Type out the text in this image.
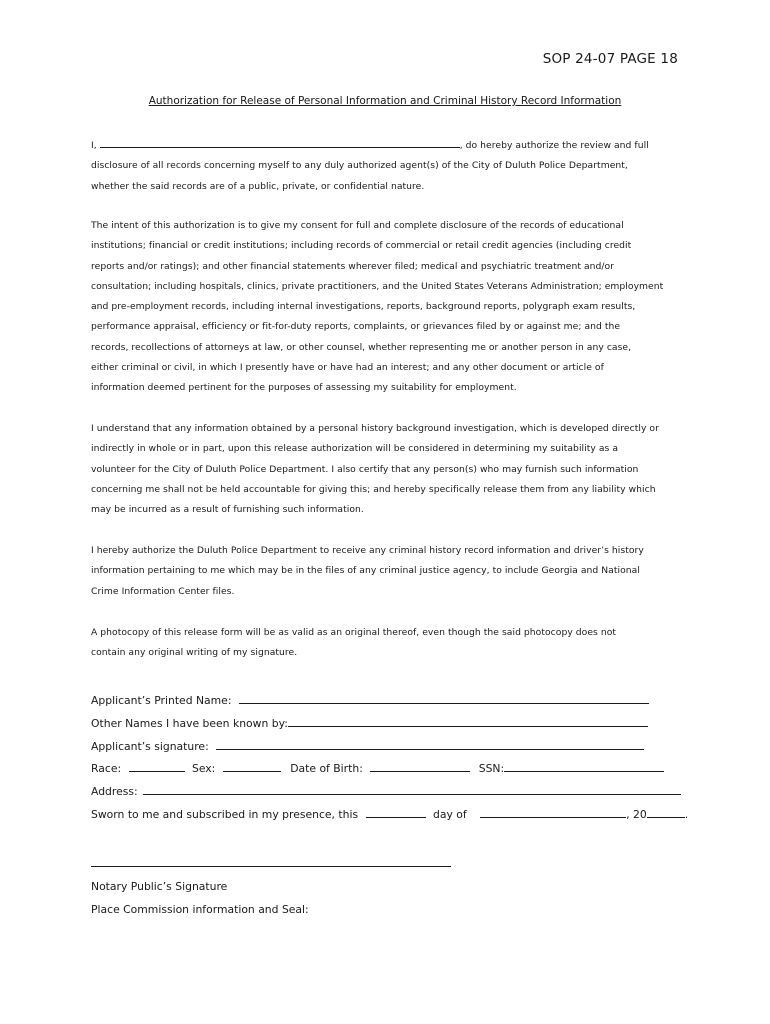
SOP 24-07 PAGE 18
Authorization for Release of Personal Information and Criminal History Record Information
I,	, do hereby authorize the review and full
disclosure of all records concerning myself to any duly authorized agent(s) of the City of Duluth Police Department,
whether the said records are of a public, private, or confidential nature.
The intent of this authorization is to give my consent for full and complete disclosure of the records of educational
institutions; financial or credit institutions; including records of commercial or retail credit agencies (including credit
reports and/or ratings); and other financial statements wherever filed; medical and psychiatric treatment and/or
consultation; including hospitals, clinics, private practitioners, and the United States Veterans Administration; employment
and pre-employment records, including internal investigations, reports, background reports, polygraph exam results,
performance appraisal, efficiency or fit-for-duty reports, complaints, or grievances filed by or against me; and the
records, recollections of attorneys at law, or other counsel, whether representing me or another person in any case,
either criminal or civil, in which I presently have or have had an interest; and any other document or article of
information deemed pertinent for the purposes of assessing my suitability for employment.
I understand that any information obtained by a personal history background investigation, which is developed directly or
indirectly in whole or in part, upon this release authorization will be considered in determining my suitability as a
volunteer for the City of Duluth Police Department. I also certify that any person(s) who may furnish such information
concerning me shall not be held accountable for giving this; and hereby specifically release them from any liability which
may be incurred as a result of furnishing such information.
I hereby authorize the Duluth Police Department to receive any criminal history record information and driver’s history
information pertaining to me which may be in the files of any criminal justice agency, to include Georgia and National
Crime Information Center files.
A photocopy of this release form will be as valid as an original thereof, even though the said photocopy does not
contain any original writing of my signature.
Applicant’s Printed Name:
Other Names I have been known by:
Applicant’s signature:
Race:	Sex:	Date of Birth:	SSN:
Address:
Sworn to me and subscribed in my presence, this	day of	, 20	.
Notary Public’s Signature
Place Commission information and Seal:
